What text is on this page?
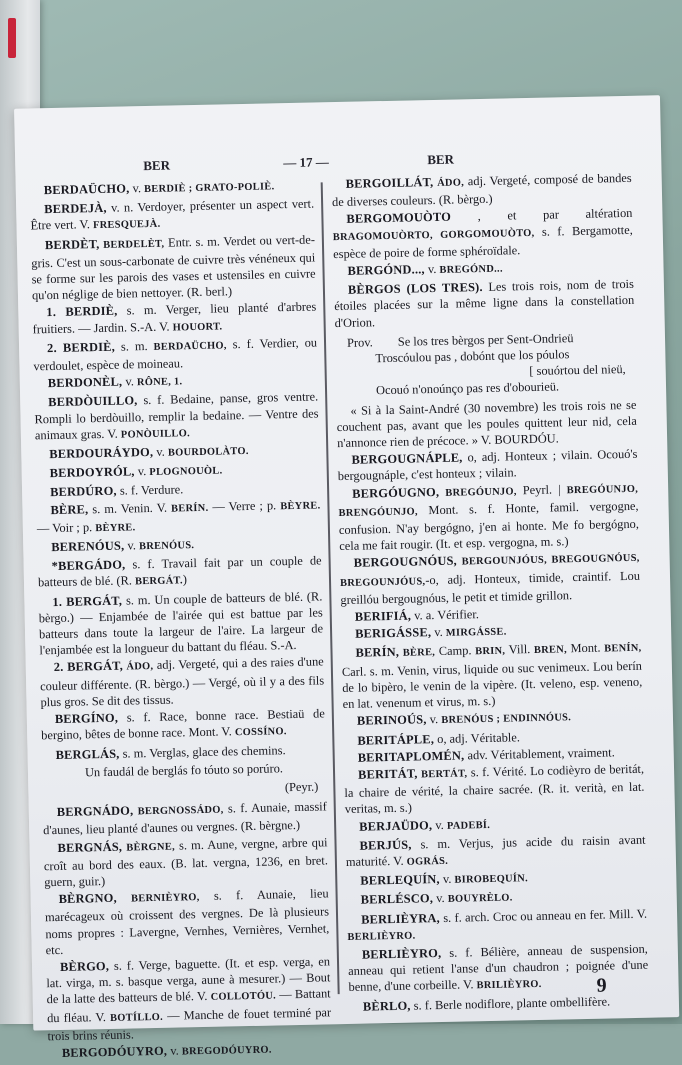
BER	— 17 —	BER
BERDAÜCHO, v. BERDIÈ ; GRATO-POLIÈ.
BERDEJÀ, v. n. Verdoyer, présenter un aspect vert. Être vert. V. FRESQUEJÀ.
BERDÈT, BERDELÈT, Entr. s. m. Verdet ou vert-de-gris. C'est un sous-carbonate de cuivre très vénéneux qui se forme sur les parois des vases et ustensiles en cuivre qu'on néglige de bien nettoyer. (R. berl.)
1. BERDIÈ, s. m. Verger, lieu planté d'arbres fruitiers. — Jardin. S.-A. V. HOUORT.
2. BERDIÈ, s. m. BERDAÜCHO, s. f. Verdier, ou verdoulet, espèce de moineau.
BERDONÈL, v. RÔNE, 1.
BERDÒUILLO, s. f. Bedaine, panse, gros ventre. Rompli lo berdòuillo, remplir la bedaine. — Ventre des animaux gras. V. PONÒUILLO.
BERDOURÁYDO, v. BOURDOLÀTO.
BERDOYRÓL, v. PLOGNOUÒL.
BERDÚRO, s. f. Verdure.
BÈRE, s. m. Venin. V. BERÍN. — Verre ; p. BÈYRE. — Voir ; p. BÈYRE.
BERENÓUS, v. BRENÓUS.
*BERGÁDO, s. f. Travail fait par un couple de batteurs de blé. (R. BERGÁT.)
1. BERGÁT, s. m. Un couple de batteurs de blé. (R. bèrgo.) — Enjambée de l'airée qui est battue par les batteurs dans toute la largeur de l'aire. La largeur de l'enjambée est la longueur du battant du fléau. S.-A.
2. BERGÁT, ÁDO, adj. Vergeté, qui a des raies d'une couleur différente. (R. bèrgo.) — Vergé, où il y a des fils plus gros. Se dit des tissus.
BERGÍNO, s. f. Race, bonne race. Bestiaü de bergino, bêtes de bonne race. Mont. V. COSSÍNO.
BERGLÁS, s. m. Verglas, glace des chemins.
Un faudál de berglás fo tóuto so porúro.
(Peyr.)
BERGNÁDO, BERGNOSSÁDO, s. f. Aunaie, massif d'aunes, lieu planté d'aunes ou vergnes. (R. bèrgne.)
BERGNÁS, BÈRGNE, s. m. Aune, vergne, arbre qui croît au bord des eaux. (B. lat. vergna, 1236, en bret. guern, guir.)
BÈRGNO, BERNIÈYRO, s. f. Aunaie, lieu marécageux où croissent des vergnes. De là plusieurs noms propres : Lavergne, Vernhes, Vernières, Vernhet, etc.
BÈRGO, s. f. Verge, baguette. (It. et esp. verga, en lat. virga, m. s. basque verga, aune à mesurer.) — Bout de la latte des batteurs de blé. V. COLLOTÓU. — Battant du fléau. V. BOTÍLLO. — Manche de fouet terminé par trois brins réunis.
BERGODÓUYRO, v. BREGODÓUYRO.
BERGOILLÁT, ÁDO, adj. Vergeté, composé de bandes de diverses couleurs. (R. bèrgo.)
BERGOMOUÒTO , et par altération BRAGOMOUÒRTO, GORGOMOUÒTO, s. f. Bergamotte, espèce de poire de forme sphéroïdale.
BERGÓND..., v. BREGÓND...
BÈRGOS (LOS TRES). Les trois rois, nom de trois étoiles placées sur la même ligne dans la constellation d'Orion.
Prov. Se los tres bèrgos per Sent-Ondrieü
Troscóulou pas , dobónt que los póulos
[ souórtou del nieü,
Ocouó n'onoúnço pas res d'obourieü.
« Si à la Saint-André (30 novembre) les trois rois ne se couchent pas, avant que les poules quittent leur nid, cela n'annonce rien de précoce. » V. BOURDÓU.
BERGOUGNÁPLE, o, adj. Honteux ; vilain. Ocouó's bergougnáple, c'est honteux ; vilain.
BERGÓUGNO, BREGÓUNJO, Peyrl. | BREGÓUNJO, BRENGÓUNJO, Mont. s. f. Honte, famil. vergogne, confusion. N'ay bergógno, j'en ai honte. Me fo bergógno, cela me fait rougir. (It. et esp. vergogna, m. s.)
BERGOUGNÓUS, BERGOUNJÓUS, BREGOUGNÓUS, BREGOUNJÓUS,-o, adj. Honteux, timide, craintif. Lou greillóu bergougnóus, le petit et timide grillon.
BERIFIÁ, v. a. Vérifier.
BERIGÁSSE, v. MIRGÁSSE.
BERÍN, BÈRE, Camp. BRIN, Vill. BREN, Mont. BENÍN, Carl. s. m. Venin, virus, liquide ou suc venimeux. Lou berín de lo bipèro, le venin de la vipère. (It. veleno, esp. veneno, en lat. venenum et virus, m. s.)
BERINOÚS, v. BRENÓUS ; ENDINNÓUS.
BERITÁPLE, o, adj. Véritable.
BERITAPLOMÉN, adv. Véritablement, vraiment.
BERITÁT, BERTÁT, s. f. Vérité. Lo codièyro de beritát, la chaire de vérité, la chaire sacrée. (R. it. verità, en lat. veritas, m. s.)
BERJAÜDO, v. PADEBÍ.
BERJÚS, s. m. Verjus, jus acide du raisin avant maturité. V. OGRÁS.
BERLEQUÍN, v. BIROBEQUÍN.
BERLÉSCO, v. BOUYRÈLO.
BERLIÈYRA, s. f. arch. Croc ou anneau en fer. Mill. V. BERLIÈYRO.
BERLIÈYRO, s. f. Bélière, anneau de suspension, anneau qui retient l'anse d'un chaudron ; poignée d'une benne, d'une corbeille. V. BRILIÈYRO.
BÈRLO, s. f. Berle nodiflore, plante ombellifère.
9
